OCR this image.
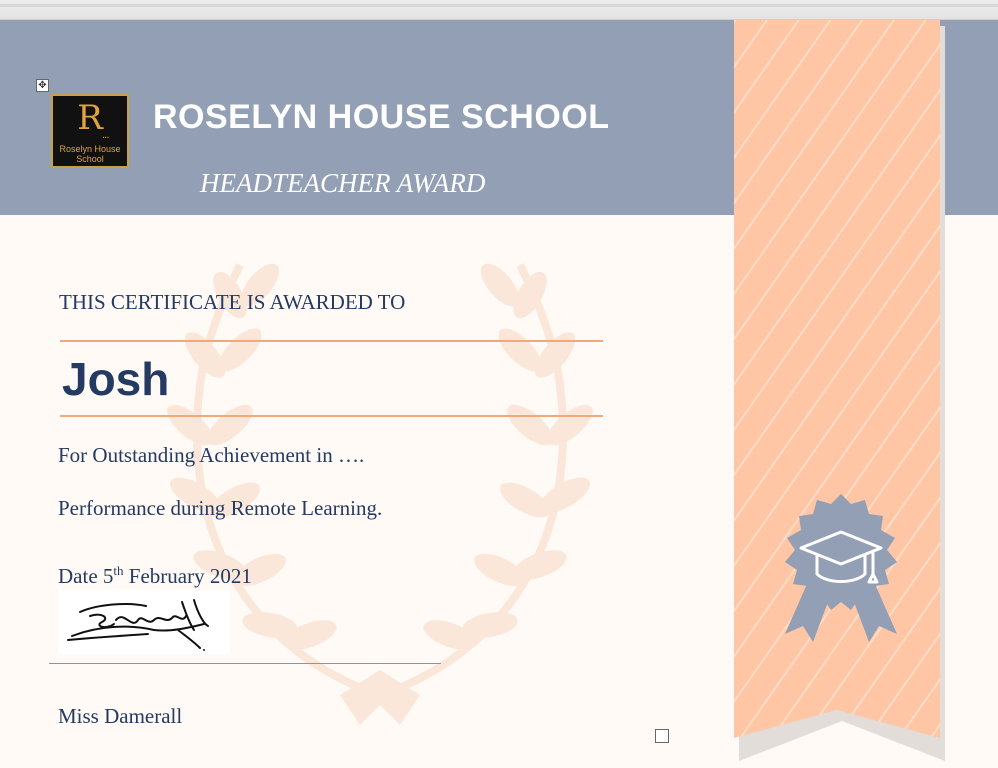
✥
R ...
Roselyn House
School
ROSELYN HOUSE SCHOOL
HEADTEACHER AWARD
THIS CERTIFICATE IS AWARDED TO
Josh
For Outstanding Achievement in ….
Performance during Remote Learning.
Date 5th February 2021
Miss Damerall
